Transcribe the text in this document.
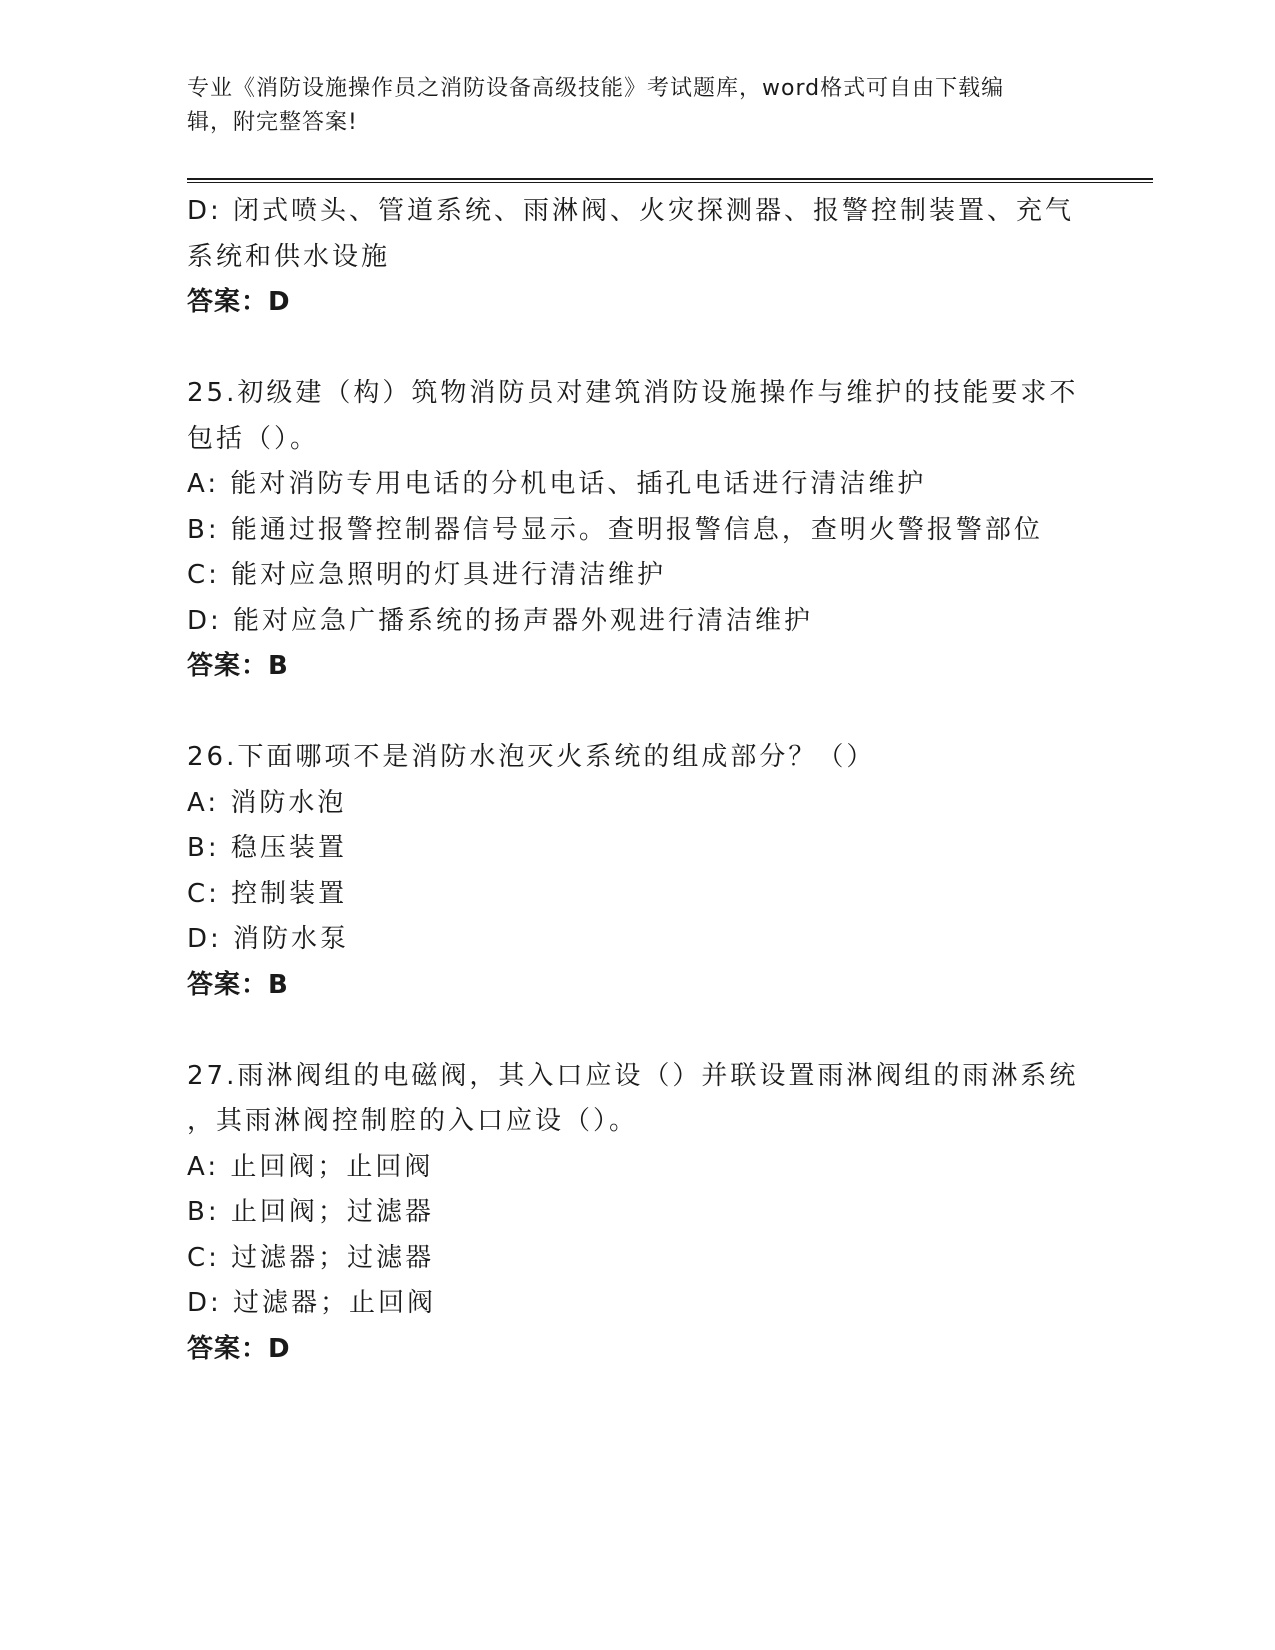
专业《消防设施操作员之消防设备高级技能》考试题库，word格式可自由下载编
辑，附完整答案!
D: 闭式喷头、管道系统、雨淋阀、火灾探测器、报警控制装置、充气
系统和供水设施
答案：D
25.初级建（构）筑物消防员对建筑消防设施操作与维护的技能要求不
包括（）。
A: 能对消防专用电话的分机电话、插孔电话进行清洁维护
B: 能通过报警控制器信号显示。查明报警信息，查明火警报警部位
C: 能对应急照明的灯具进行清洁维护
D: 能对应急广播系统的扬声器外观进行清洁维护
答案：B
26.下面哪项不是消防水泡灭火系统的组成部分？（）
A: 消防水泡
B: 稳压装置
C: 控制装置
D: 消防水泵
答案：B
27.雨淋阀组的电磁阀，其入口应设（）并联设置雨淋阀组的雨淋系统
，其雨淋阀控制腔的入口应设（）。
A: 止回阀；止回阀
B: 止回阀；过滤器
C: 过滤器；过滤器
D: 过滤器；止回阀
答案：D
